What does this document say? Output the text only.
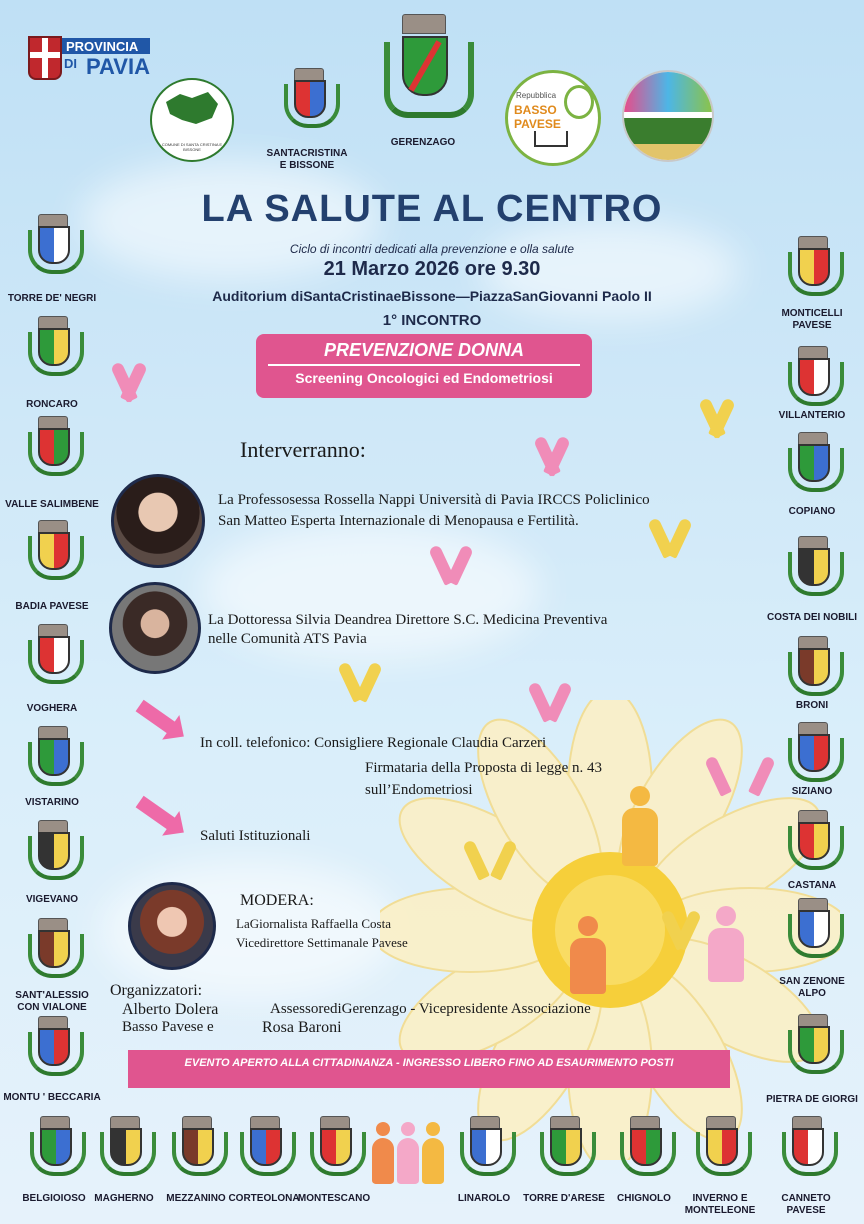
PROVINCIA
DI PAVIA
COMUNE DI SANTA CRISTINA E BISSONE	SANTACRISTINA
E BISSONE
GERENZAGO
Repubblica
BASSO PAVESE
LA SALUTE AL CENTRO
Ciclo di incontri dedicati alla prevenzione e olla salute
21 Marzo 2026 ore 9.30
Auditorium diSantaCristinaeBissone—PiazzaSanGiovanni Paolo II
1° INCONTRO
PREVENZIONE DONNA
Screening Oncologici ed Endometriosi
Interverranno:
La Professosessa Rossella Nappi Università di Pavia IRCCS Policlinico San Matteo Esperta Internazionale di Menopausa e Fertilità.
La Dottoressa Silvia Deandrea Direttore S.C. Medicina Preventiva nelle Comunità ATS Pavia
In coll. telefonico: Consigliere Regionale Claudia Carzeri
Firmataria della Proposta di legge n. 43
sull’Endometriosi
Saluti Istituzionali
MODERA:
LaGiornalista Raffaella Costa
Vicedirettore Settimanale Pavese
Organizzatori:
Alberto Dolera
Basso Pavese e
AssessorediGerenzago - Vicepresidente Associazione
Rosa Baroni
EVENTO APERTO ALLA CITTADINANZA - INGRESSO LIBERO FINO AD ESAURIMENTO POSTI
TORRE DE' NEGRI
RONCARO
VALLE SALIMBENE
BADIA PAVESE
VOGHERA
VISTARINO
VIGEVANO
SANT'ALESSIO
CON VIALONE
MONTU ' BECCARIA
MONTICELLI
PAVESE
VILLANTERIO
COPIANO
COSTA DEI NOBILI
BRONI
SIZIANO
CASTANA
SAN ZENONE
ALPO
PIETRA DE GIORGI
BELGIOIOSO MAGHERNO	MEZZANINO CORTEOLONA
MONTESCANO	LINAROLO	TORRE D'ARESE	CHIGNOLO	INVERNO E
MONTELEONE
CANNETO PAVESE
